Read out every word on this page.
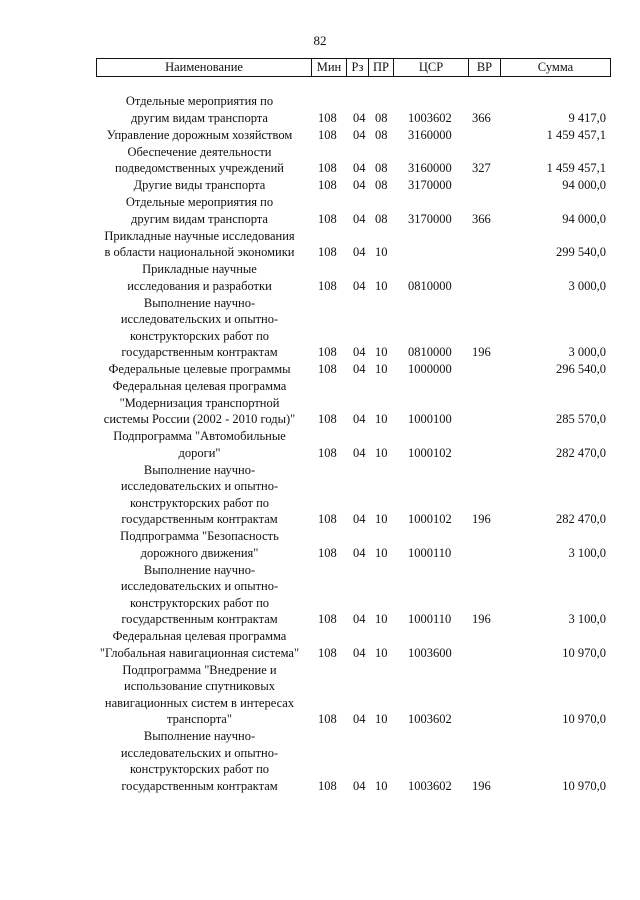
82
Наименование	Мин Рз ПР	ЦСР	ВР	Сумма
Отдельные мероприятия по
другим видам транспорта	108 04 08 1003602 366	9 417,0
Управление дорожным хозяйством	108 04 08 3160000	1 459 457,1
Обеспечение деятельности
подведомственных учреждений	108 04 08 3160000 327	1 459 457,1
Другие виды транспорта	108 04 08 3170000	94 000,0
Отдельные мероприятия по
другим видам транспорта	108 04 08 3170000 366	94 000,0
Прикладные научные исследования
в области национальной экономики	108 04 10	299 540,0
Прикладные научные
исследования и разработки	108 04 10 0810000	3 000,0
Выполнение научно-
исследовательских и опытно-
конструкторских работ по
государственным контрактам	108 04 10 0810000 196	3 000,0
Федеральные целевые программы	108 04 10 1000000	296 540,0
Федеральная целевая программа
"Модернизация транспортной
системы России (2002 - 2010 годы)"	108 04 10 1000100	285 570,0
Подпрограмма "Автомобильные
дороги"	108 04 10 1000102	282 470,0
Выполнение научно-
исследовательских и опытно-
конструкторских работ по
государственным контрактам	108 04 10 1000102 196	282 470,0
Подпрограмма "Безопасность
дорожного движения"	108 04 10 1000110	3 100,0
Выполнение научно-
исследовательских и опытно-
конструкторских работ по
государственным контрактам	108 04 10 1000110 196	3 100,0
Федеральная целевая программа
"Глобальная навигационная система"	108 04 10 1003600	10 970,0
Подпрограмма "Внедрение и
использование спутниковых
навигационных систем в интересах
транспорта"	108 04 10 1003602	10 970,0
Выполнение научно-
исследовательских и опытно-
конструкторских работ по
государственным контрактам	108 04 10 1003602 196	10 970,0
